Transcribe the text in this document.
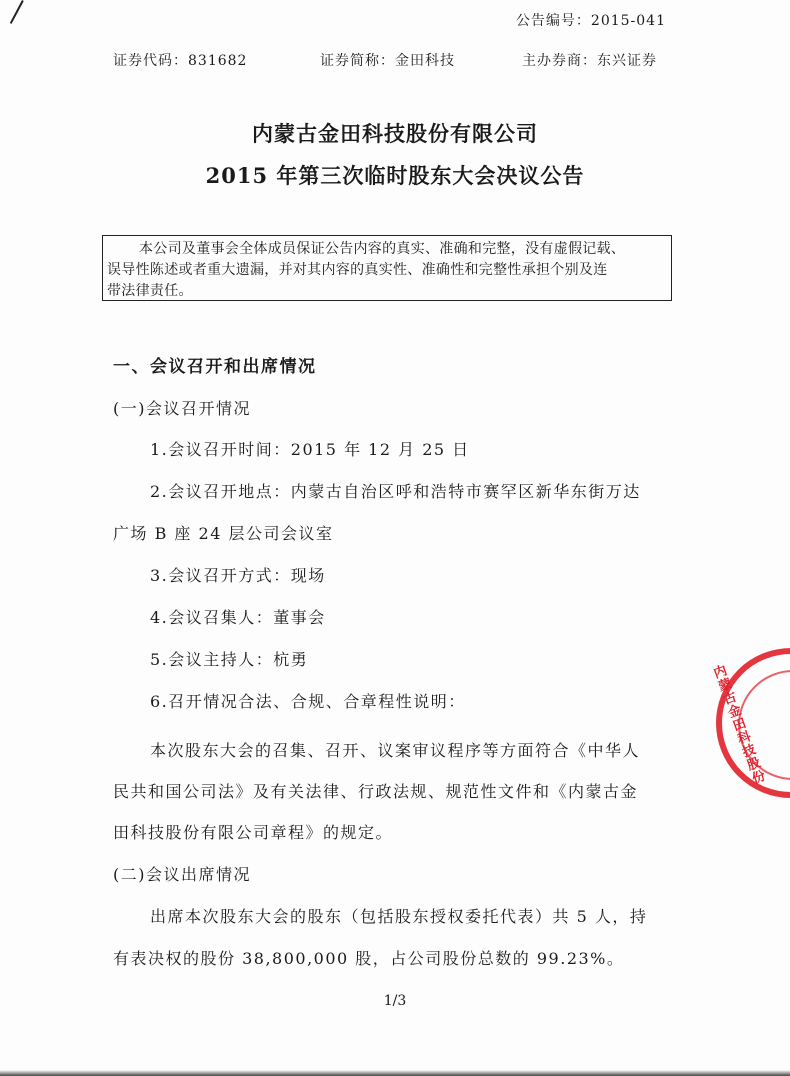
公告编号：2015-041
证券代码：831682	证券简称：金田科技	主办券商：东兴证券
内蒙古金田科技股份有限公司
2015 年第三次临时股东大会决议公告
本公司及董事会全体成员保证公告内容的真实、准确和完整，没有虚假记载、
误导性陈述或者重大遗漏，并对其内容的真实性、准确性和完整性承担个别及连
带法律责任。
一、会议召开和出席情况
(一)会议召开情况
1.会议召开时间：2015 年 12 月 25 日
2.会议召开地点：内蒙古自治区呼和浩特市赛罕区新华东街万达
广场 B 座 24 层公司会议室
3.会议召开方式：现场
4.会议召集人：董事会
5.会议主持人：杭勇
6.召开情况合法、合规、合章程性说明：
本次股东大会的召集、召开、议案审议程序等方面符合《中华人
民共和国公司法》及有关法律、行政法规、规范性文件和《内蒙古金
田科技股份有限公司章程》的规定。
(二)会议出席情况
出席本次股东大会的股东（包括股东授权委托代表）共 5 人，持
有表决权的股份 38,800,000 股，占公司股份总数的 99.23%。
1/3
内蒙古金田科技股份
